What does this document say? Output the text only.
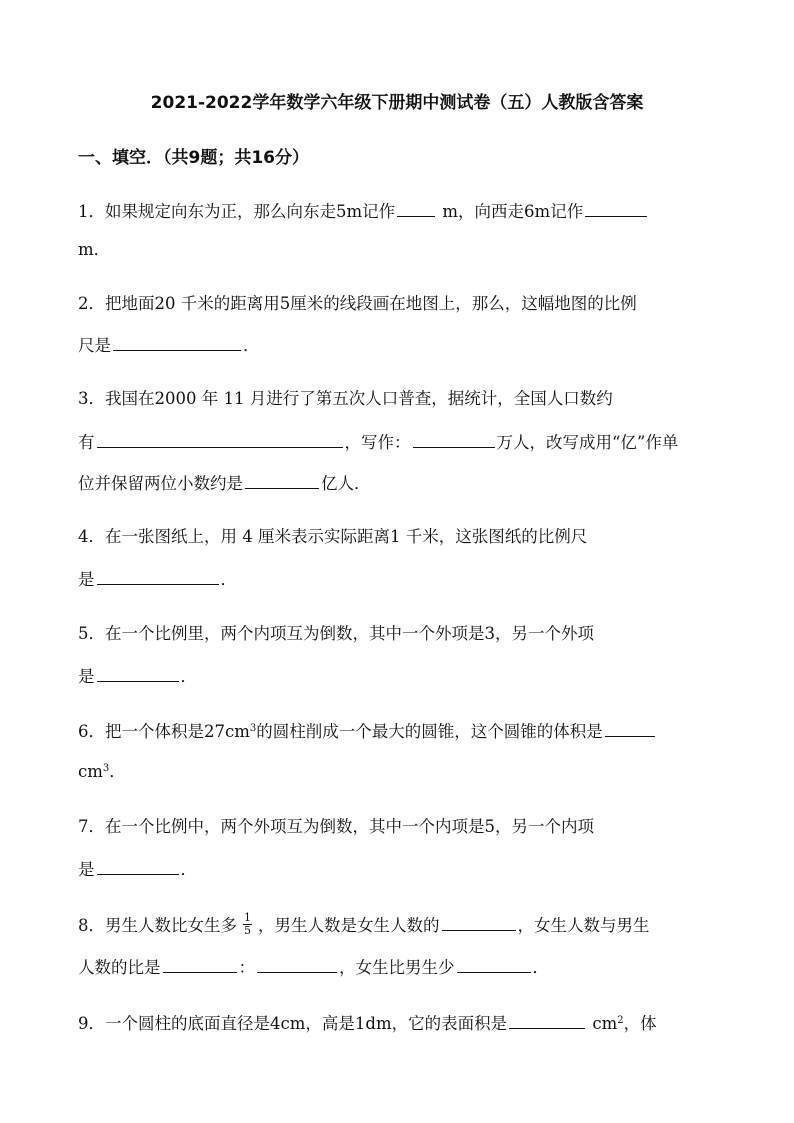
2021-2022学年数学六年级下册期中测试卷（五）人教版含答案
一、填空．（共9题；共16分）
1．如果规定向东为正，那么向东走5m记作	m，向西走6m记作
m．
2．把地面20 千米的距离用5厘米的线段画在地图上，那么，这幅地图的比例
尺是	．
3．我国在2000 年 11 月进行了第五次人口普查，据统计，全国人口数约
有	，写作：	万人，改写成用“亿”作单
位并保留两位小数约是	亿人．
4．在一张图纸上，用 4 厘米表示实际距离1 千米，这张图纸的比例尺
是	．
5．在一个比例里，两个内项互为倒数，其中一个外项是3，另一个外项
是	．
6．把一个体积是$27cm^3$的圆柱削成一个最大的圆锥，这个圆锥的体积是
$cm^3$．
7．在一个比例中，两个外项互为倒数，其中一个内项是5，另一个内项
是	．
8．男生人数比女生多 $\frac{1}{5}$ ，男生人数是女生人数的	，女生人数与男生
人数的比是	：	，女生比男生少	．
9．一个圆柱的底面直径是4cm，高是1dm，它的表面积是	$cm^2$，体
